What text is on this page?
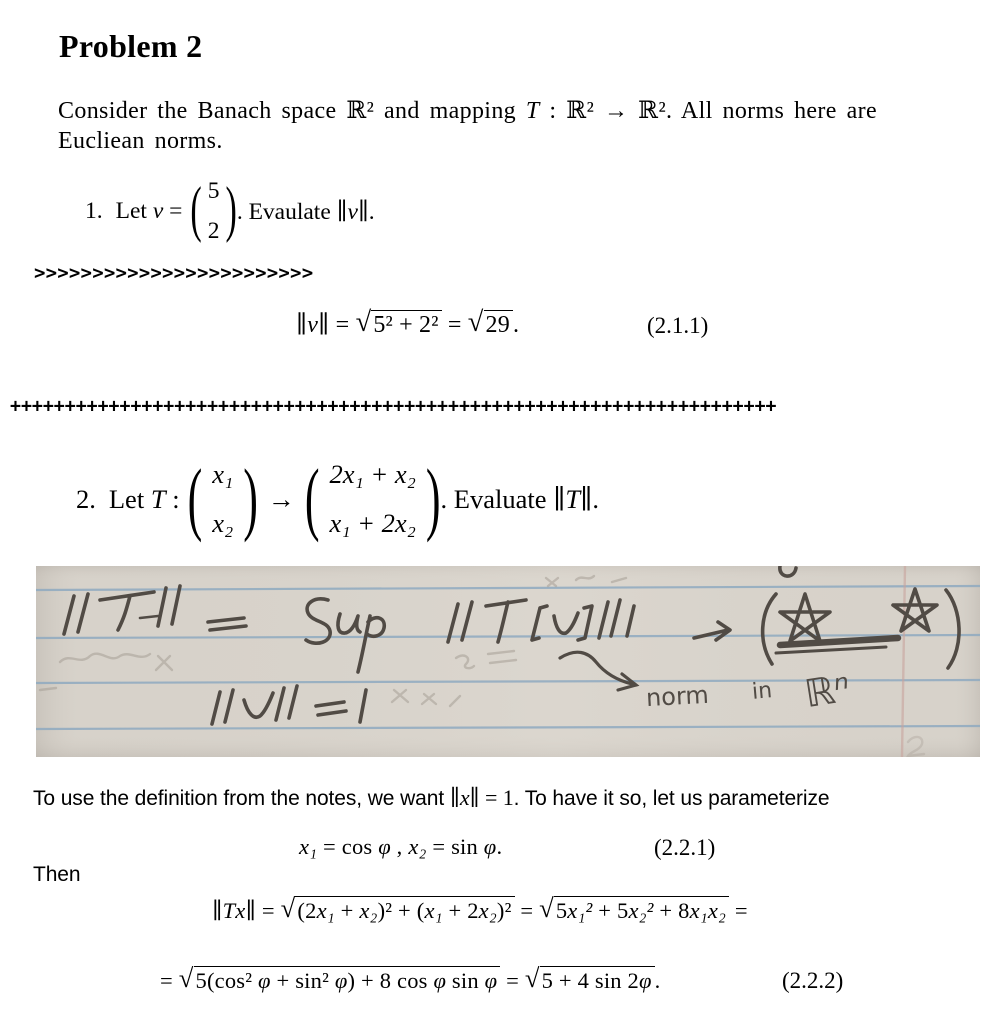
Problem 2
Consider the Banach space ℝ² and mapping T : ℝ² → ℝ². All norms here are
Eucliean norms.
1. Let v = ( 5
2 ) . Evaulate ∥v∥.
>>>>>>>>>>>>>>>>>>>>>>>>
∥v∥ = √ 5² + 2² = √ 29 .	(2.1.1)
++++++++++++++++++++++++++++++++++++++++++++++++++++++++++++++++++++++
2. Let T : ( x₁
x₂ ) → ( 2x₁ + x₂
x₁ + 2x₂ ) . Evaluate ∥T∥.
norm in ℝⁿ
To use the definition from the notes, we want ∥x∥ = 1. To have it so, let us parameterize
x₁ = cos φ , x₂ = sin φ.	(2.2.1)
Then
∥Tx∥ = √ (2x₁ + x₂)² + (x₁ + 2x₂)² = √ 5x₁² + 5x₂² + 8x₁x₂ =
= √ 5(cos² φ + sin² φ) + 8 cos φ sin φ = √ 5 + 4 sin 2φ .	(2.2.2)
